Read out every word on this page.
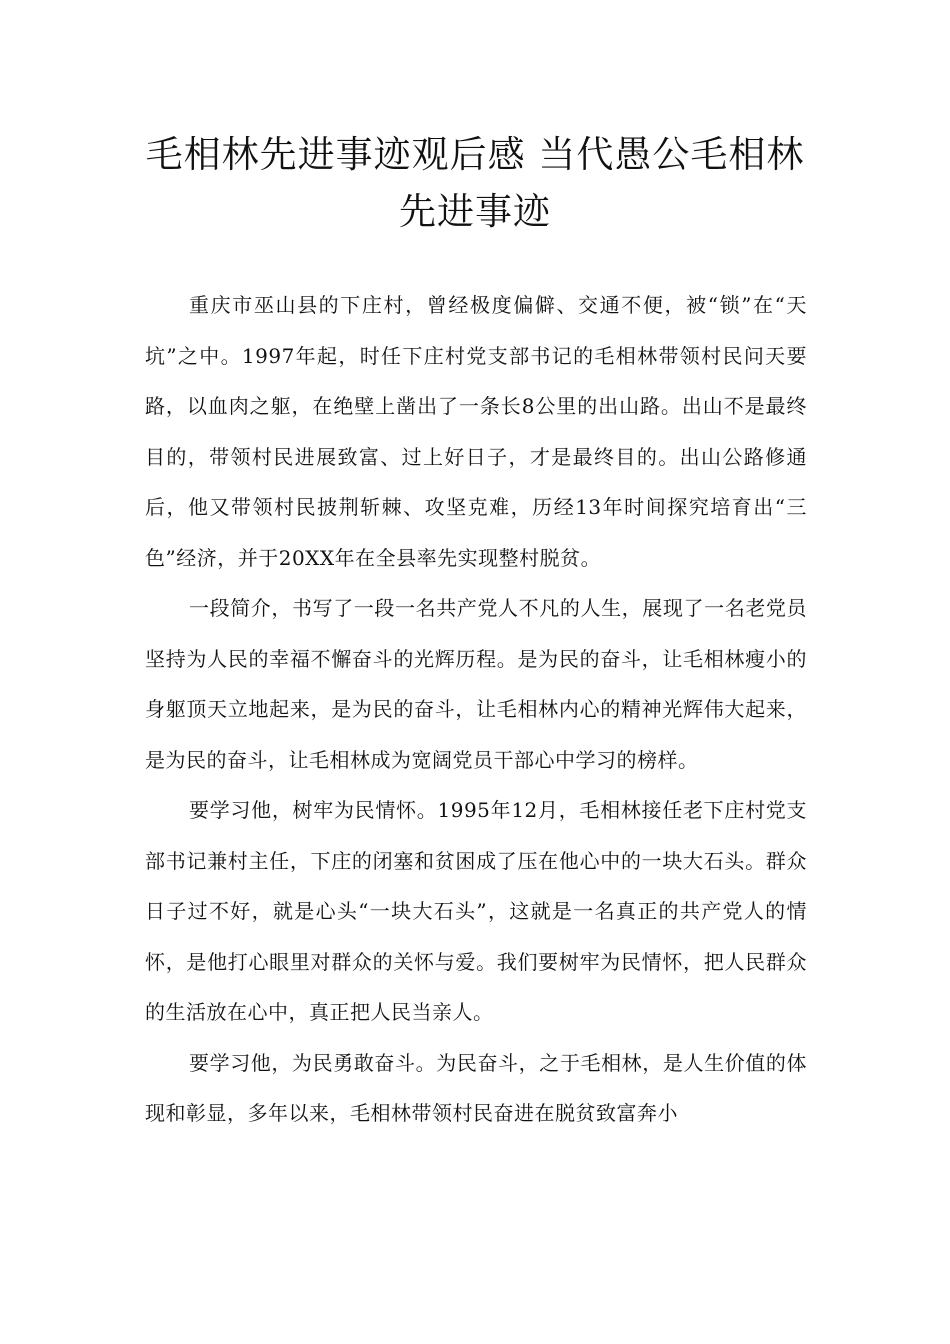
毛相林先进事迹观后感 当代愚公毛相林先进事迹

重庆市巫山县的下庄村，曾经极度偏僻、交通不便，被“锁”在“天坑”之中。1997年起，时任下庄村党支部书记的毛相林带领村民问天要路，以血肉之躯，在绝壁上凿出了一条长8公里的出山路。出山不是最终目的，带领村民进展致富、过上好日子，才是最终目的。出山公路修通后，他又带领村民披荆斩棘、攻坚克难，历经13年时间探究培育出“三色”经济，并于20XX年在全县率先实现整村脱贫。

一段简介，书写了一段一名共产党人不凡的人生，展现了一名老党员坚持为人民的幸福不懈奋斗的光辉历程。是为民的奋斗，让毛相林瘦小的身躯顶天立地起来，是为民的奋斗，让毛相林内心的精神光辉伟大起来，是为民的奋斗，让毛相林成为宽阔党员干部心中学习的榜样。

要学习他，树牢为民情怀。1995年12月，毛相林接任老下庄村党支部书记兼村主任，下庄的闭塞和贫困成了压在他心中的一块大石头。群众日子过不好，就是心头“一块大石头”，这就是一名真正的共产党人的情怀，是他打心眼里对群众的关怀与爱。我们要树牢为民情怀，把人民群众的生活放在心中，真正把人民当亲人。

要学习他，为民勇敢奋斗。为民奋斗，之于毛相林，是人生价值的体现和彰显，多年以来，毛相林带领村民奋进在脱贫致富奔小
